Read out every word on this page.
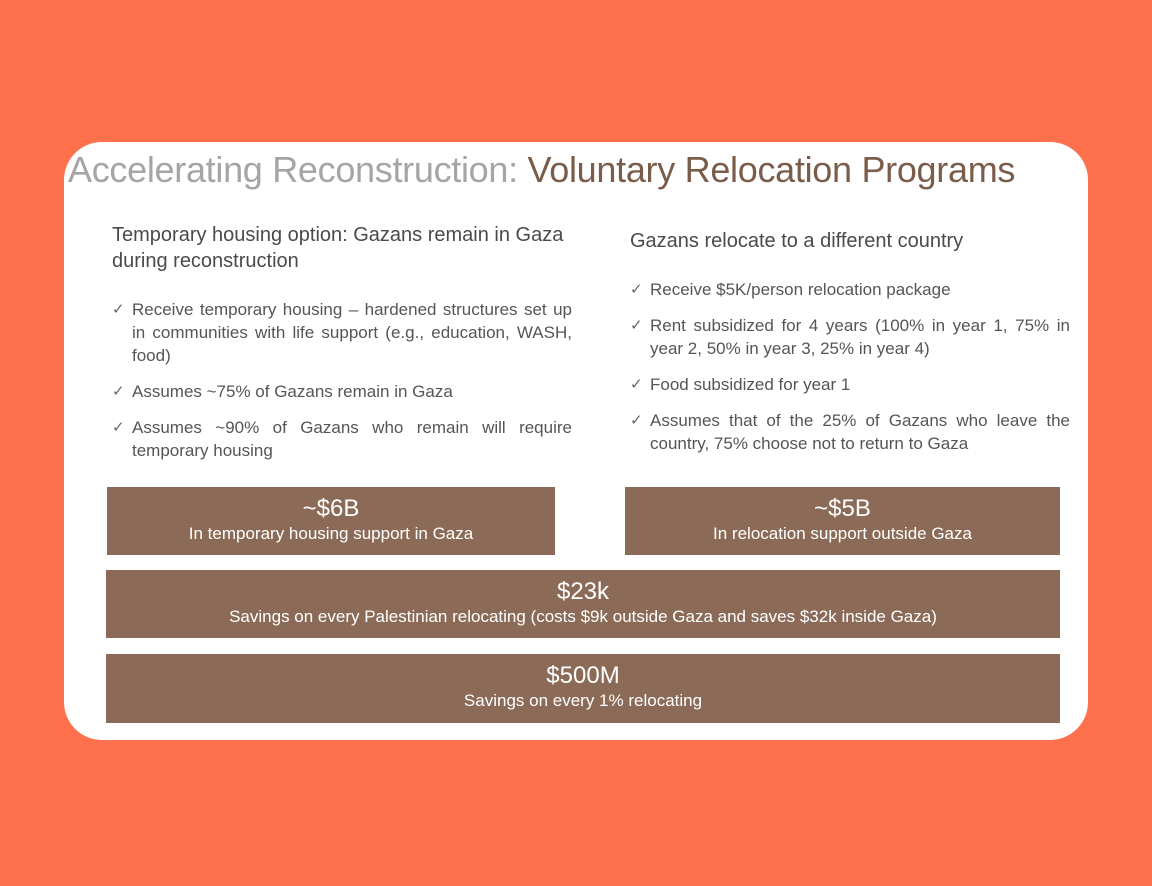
Accelerating Reconstruction: Voluntary Relocation Programs
Temporary housing option: Gazans remain in Gaza during reconstruction
✓ Receive temporary housing – hardened structures set up in communities with life support (e.g., education, WASH, food)
✓ Assumes ~75% of Gazans remain in Gaza
✓ Assumes ~90% of Gazans who remain will require temporary housing
Gazans relocate to a different country
✓ Receive $5K/person relocation package
✓ Rent subsidized for 4 years (100% in year 1, 75% in year 2, 50% in year 3, 25% in year 4)
✓ Food subsidized for year 1
✓ Assumes that of the 25% of Gazans who leave the country, 75% choose not to return to Gaza
~$6B
In temporary housing support in Gaza
~$5B
In relocation support outside Gaza
$23k
Savings on every Palestinian relocating (costs $9k outside Gaza and saves $32k inside Gaza)
$500M
Savings on every 1% relocating
